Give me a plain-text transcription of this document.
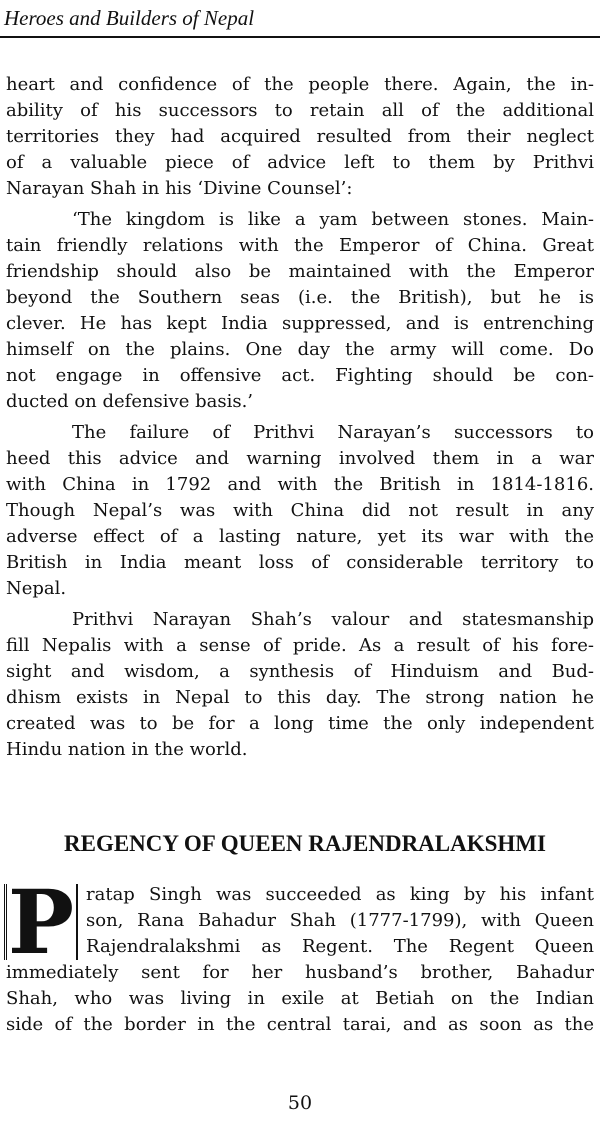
Heroes and Builders of Nepal
heart and confidence of the people there. Again, the in-
ability of his successors to retain all of the additional
territories they had acquired resulted from their neglect
of a valuable piece of advice left to them by Prithvi
Narayan Shah in his ‘Divine Counsel’:
‘The kingdom is like a yam between stones. Main-
tain friendly relations with the Emperor of China. Great
friendship should also be maintained with the Emperor
beyond the Southern seas (i.e. the British), but he is
clever. He has kept India suppressed, and is entrenching
himself on the plains. One day the army will come. Do
not engage in offensive act. Fighting should be con-
ducted on defensive basis.’
The failure of Prithvi Narayan’s successors to
heed this advice and warning involved them in a war
with China in 1792 and with the British in 1814-1816.
Though Nepal’s was with China did not result in any
adverse effect of a lasting nature, yet its war with the
British in India meant loss of considerable territory to
Nepal.
Prithvi Narayan Shah’s valour and statesmanship
fill Nepalis with a sense of pride. As a result of his fore-
sight and wisdom, a synthesis of Hinduism and Bud-
dhism exists in Nepal to this day. The strong nation he
created was to be for a long time the only independent
Hindu nation in the world.
REGENCY OF QUEEN RAJENDRALAKSHMI
P ratap Singh was succeeded as king by his infant
son, Rana Bahadur Shah (1777-1799), with Queen
Rajendralakshmi as Regent. The Regent Queen
immediately sent for her husband’s brother, Bahadur
Shah, who was living in exile at Betiah on the Indian
side of the border in the central tarai, and as soon as the
50
